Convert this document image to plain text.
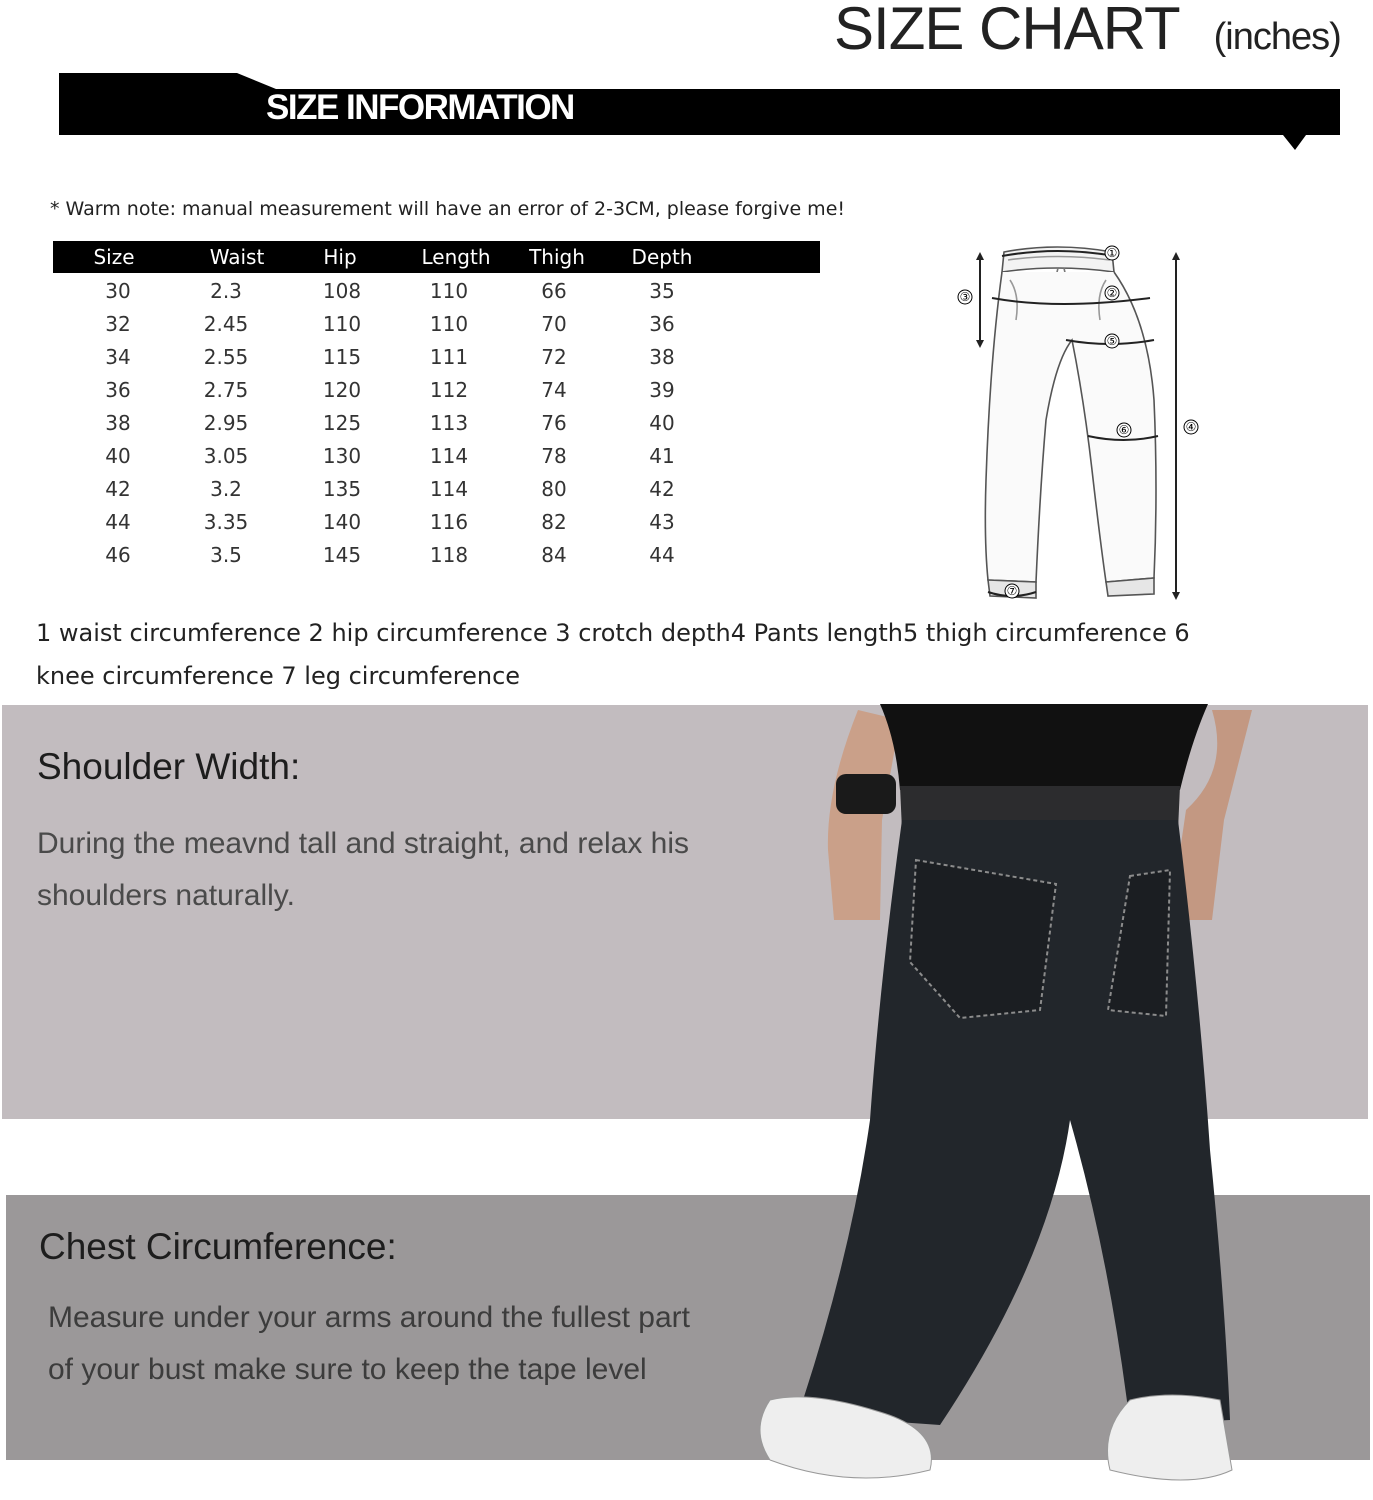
SIZE CHART (inches)
SIZE INFORMATION
* Warm note: manual measurement will have an error of 2-3CM, please forgive me!
Size	Waist	Hip	Length Thigh Depth
30	2.3	108	110	66	35
32	2.45	110	110	70	36
34	2.55	115	111	72	38
36	2.75	120	112	74	39
38	2.95	125	113	76	40
40	3.05	130	114	78	41
42	3.2	135	114	80	42
44	3.35	140	116	82	43
46	3.5	145	118	84	44
①
②
③
④
⑤
⑥
⑦
1 waist circumference 2 hip circumference 3 crotch depth4 Pants length5 thigh circumference 6 knee circumference 7 leg circumference
Shoulder Width:
During the meavnd tall and straight, and relax his
shoulders naturally.
Chest Circumference:
Measure under your arms around the fullest part
of your bust make sure to keep the tape level
